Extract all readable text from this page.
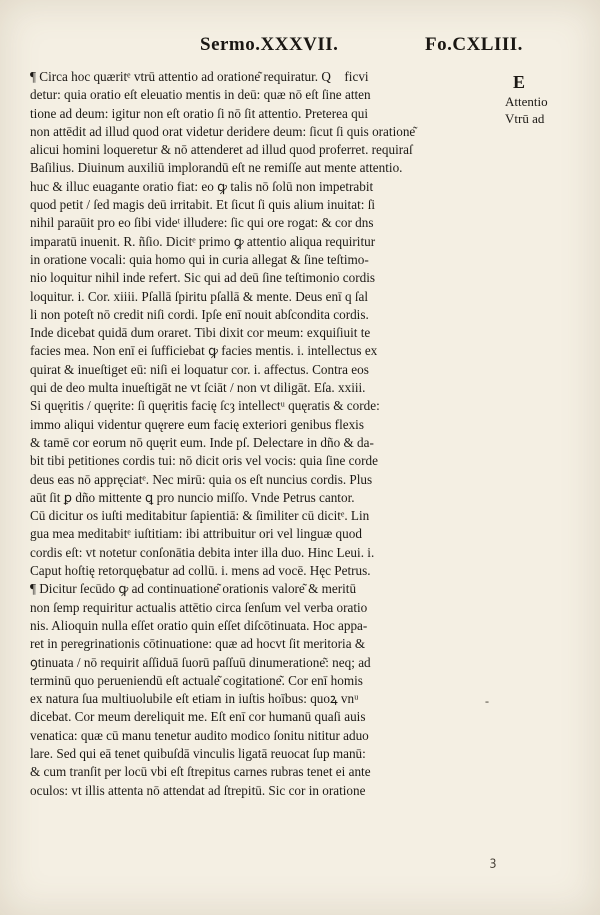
Sermo.XXXVII.	Fo.CXLIII.
E
Attentio
Vtrū ad
¶ Circa hoc quæritᵉ vtrū attentio ad oratione͂ requiratur. Q᷑ ficvi
detur: quia oratio eſt eleuatio mentis in deū: quæ nō eſt ſine atten
tione ad deum: igitur non eſt oratio ſi nō ſit attentio. Preterea qui
non attēdit ad illud quod orat videtur deridere deum: ſicut ſi quis oratione͂
alicui homini loqueretur & nō attenderet ad illud quod proferret. requiraſ
Baſilius. Diuinum auxiliū implorandū eſt ne remiſſe aut mente attentio.
huc & illuc euagante oratio fiat: eo ꝙ talis nō ſolū non impetrabit
quod petit / ſed magis deū irritabit. Et ſicut ſi quis alium inuitat: ſi
nihil paraūit pro eo ſibi videᵗ illudere: ſic qui ore rogat: & cor dns
imparatū inuenit. R. ñſio. Dicitᵉ primo ꝙ attentio aliqua requiritur
in oratione vocali: quia homo qui in curia allegat & ſine teſtimo-
nio loquitur nihil inde refert. Sic qui ad deū ſine teſtimonio cordis
loquitur. i. Cor. xiiii. Pſallā ſpiritu pſallā & mente. Deus enī q ſal
li non poteſt nō credit niſi cordi. Ipſe enī nouit abſcondita cordis.
Inde dicebat quidā dum oraret. Tibi dixit cor meum: exquiſiuit te
facies mea. Non enī ei ſufficiebat ꝙ facies mentis. i. intellectus ex
quirat & inueſtiget eū: niſi ei loquatur cor. i. affectus. Contra eos
qui de deo multa inueſtigāt ne vt ſciāt / non vt diligāt. Eſa. xxiii.
Si quęritis / quęrite: ſi quęritis facię ſcȝ intellectᵘ quęratis & corde:
immo aliqui videntur quęrere eum facię exteriori genibus flexis
& tamē cor eorum nō quęrit eum. Inde pſ. Delectare in dño & da-
bit tibi petitiones cordis tui: nō dicit oris vel vocis: quia ſine corde
deus eas nō appręciatᵉ. Nec mirū: quia os eſt nuncius cordis. Plus
aūt ſit ꝑ dño mittente ꝗ pro nuncio miſſo. Vnde Petrus cantor.
Cū dicitur os iuſti meditabitur ſapientiā: & ſimiliter cū dicitᵉ. Lin
gua mea meditabitᵉ iuſtitiam: ibi attribuitur ori vel linguæ quod
cordis eſt: vt notetur conſonātia debita inter illa duo. Hinc Leui. i.
Caput hoſtię retorquębatur ad collū. i. mens ad vocē. Hęc Petrus.
¶ Dicitur ſecūdo ꝙ ad continuatione͂ orationis valore͂ & meritū
non ſemp requiritur actualis attētio circa ſenſum vel verba oratio
nis. Alioquin nulla eſſet oratio quin eſſet diſcōtinuata. Hoc appa-
ret in peregrinationis cōtinuatione: quæ ad hocvt ſit meritoria &
ꝯtinuata / nō requirit aſſiduā ſuorū paſſuū dinumeratione͂: neq; ad
terminū quo perueniendū eſt actuale͂ cogitatione͂. Cor enī homis
ex natura ſua multiuolubile eſt etiam in iuſtis hoībus: quoꝝ vnᵘ
dicebat. Cor meum dereliquit me. Eſt enī cor humanū quaſi auis
venatica: quæ cū manu tenetur audito modico ſonitu nititur aduo
lare. Sed qui eā tenet quibuſdā vinculis ligatā reuocat ſup manū:
& cum tranſit per locū vbi eſt ſtrepitus carnes rubras tenet ei ante
oculos: vt illis attenta nō attendat ad ſtrepitū. Sic cor in oratione
-
ꝫ
